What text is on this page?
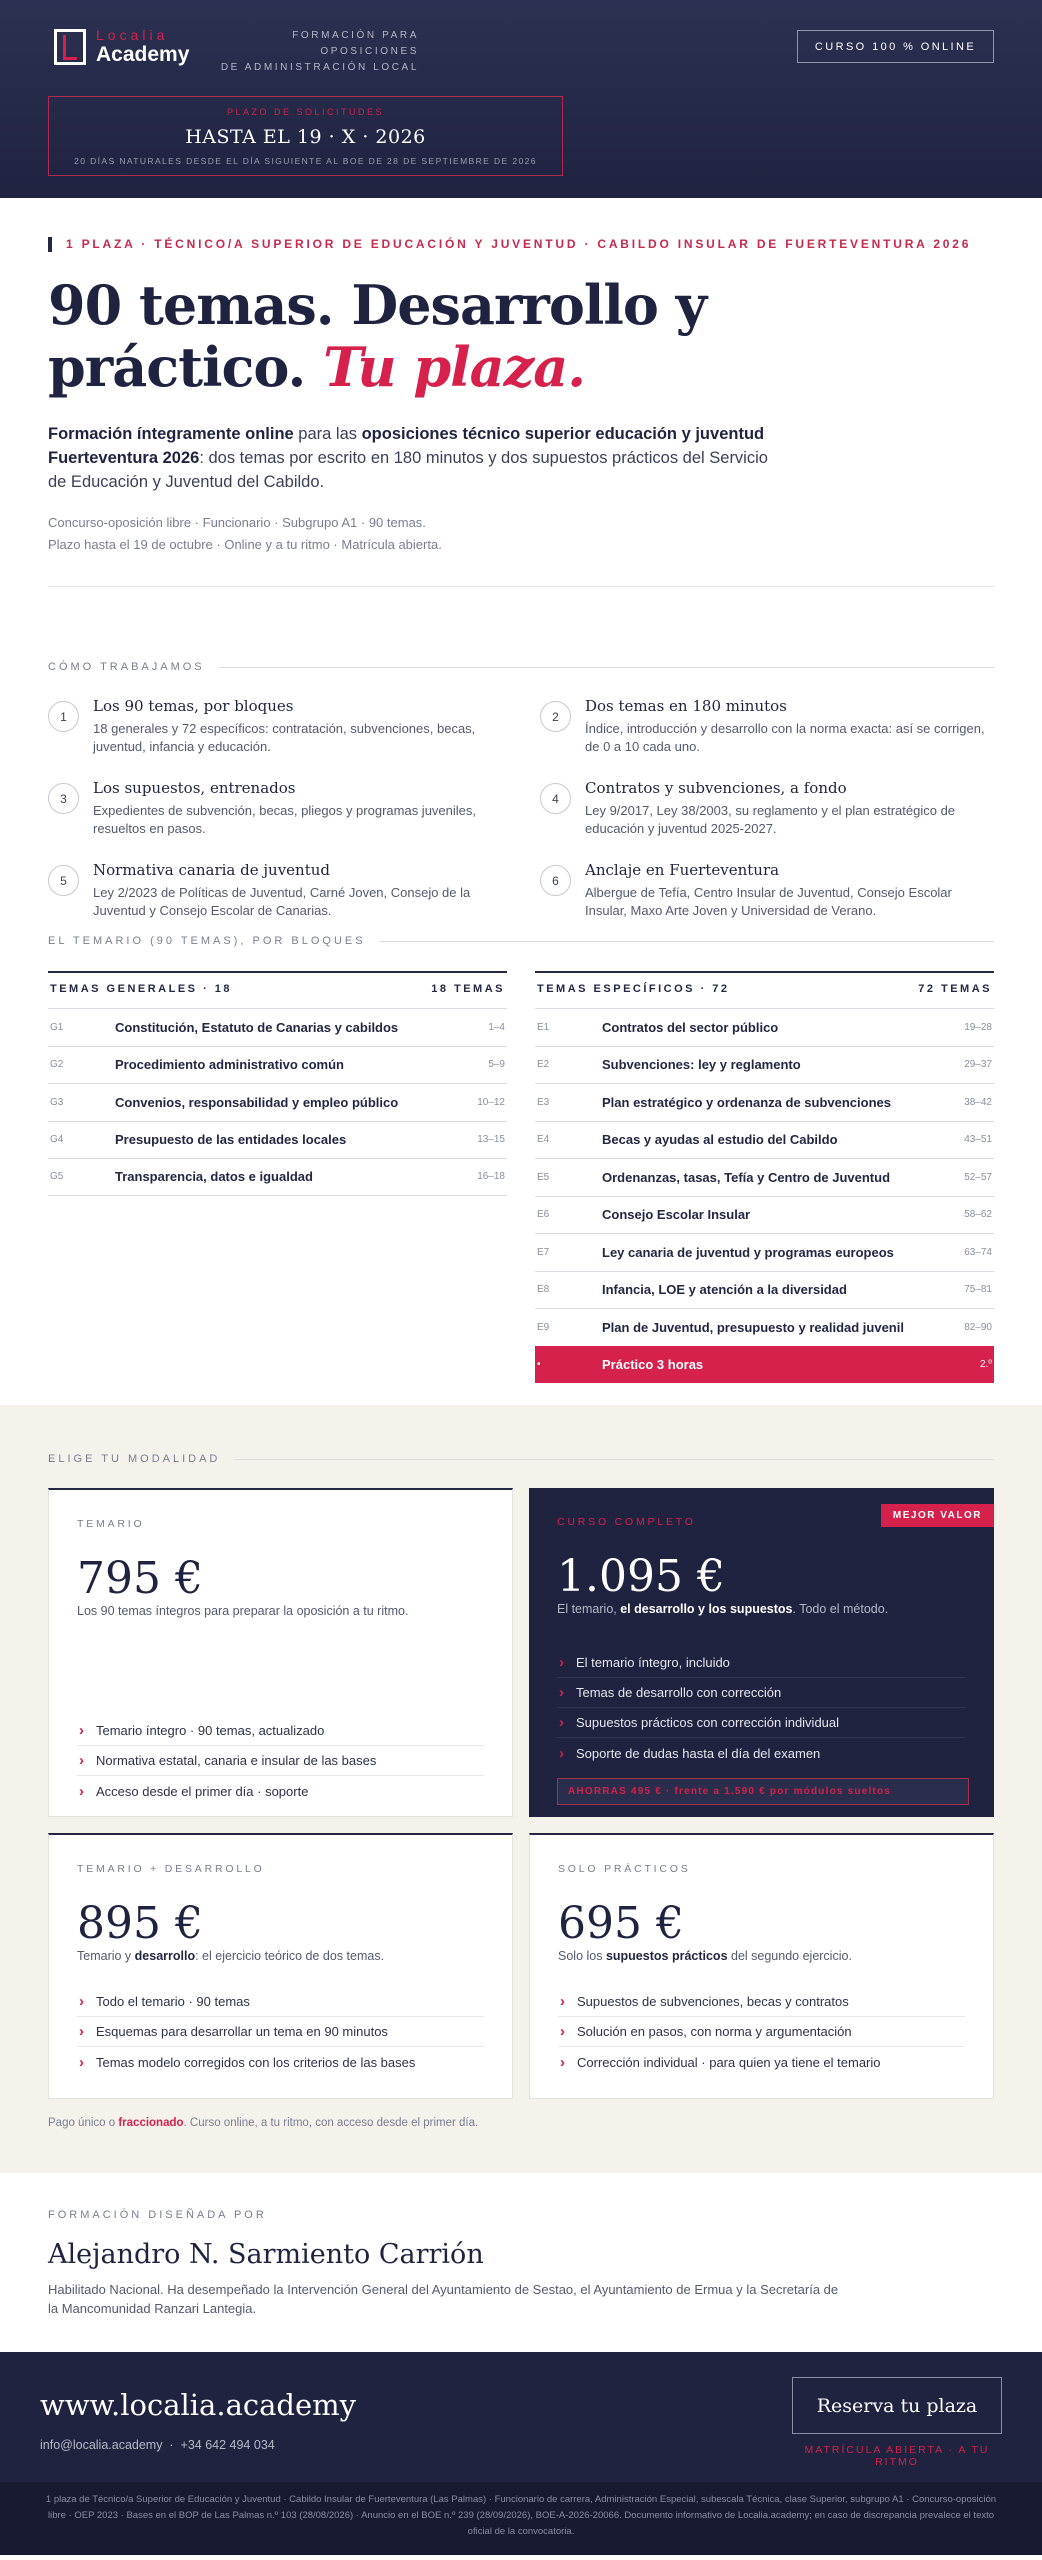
Localia
Academy
FORMACIÓN PARA OPOSICIONES
DE ADMINISTRACIÓN LOCAL
CURSO 100 % ONLINE
PLAZO DE SOLICITUDES
HASTA EL 19 · X · 2026
20 DÍAS NATURALES DESDE EL DÍA SIGUIENTE AL BOE DE 28 DE SEPTIEMBRE DE 2026
1 PLAZA · TÉCNICO/A SUPERIOR DE EDUCACIÓN Y JUVENTUD · CABILDO INSULAR DE FUERTEVENTURA 2026
90 temas. Desarrollo y práctico. Tu plaza.

Formación íntegramente online para las oposiciones técnico superior educación y juventud Fuerteventura 2026: dos temas por escrito en 180 minutos y dos supuestos prácticos del Servicio de Educación y Juventud del Cabildo.

Concurso-oposición libre · Funcionario · Subgrupo A1 · 90 temas.
Plazo hasta el 19 de octubre · Online y a tu ritmo · Matrícula abierta.
CÓMO TRABAJAMOS
1
Los 90 temas, por bloques
18 generales y 72 específicos: contratación, subvenciones, becas, juventud, infancia y educación.
2
Dos temas en 180 minutos
Índice, introducción y desarrollo con la norma exacta: así se corrigen, de 0 a 10 cada uno.
3
Los supuestos, entrenados
Expedientes de subvención, becas, pliegos y programas juveniles, resueltos en pasos.
4
Contratos y subvenciones, a fondo
Ley 9/2017, Ley 38/2003, su reglamento y el plan estratégico de educación y juventud 2025-2027.
5
Normativa canaria de juventud
Ley 2/2023 de Políticas de Juventud, Carné Joven, Consejo de la Juventud y Consejo Escolar de Canarias.
6
Anclaje en Fuerteventura
Albergue de Tefía, Centro Insular de Juventud, Consejo Escolar Insular, Maxo Arte Joven y Universidad de Verano.
EL TEMARIO (90 TEMAS), POR BLOQUES
TEMAS GENERALES · 18	18 TEMAS
G1	Constitución, Estatuto de Canarias y cabildos	1–4
G2	Procedimiento administrativo común	5–9
G3	Convenios, responsabilidad y empleo público	10–12
G4	Presupuesto de las entidades locales	13–15
G5	Transparencia, datos e igualdad	16–18
TEMAS ESPECÍFICOS · 72	72 TEMAS
E1	Contratos del sector público	19–28
E2	Subvenciones: ley y reglamento	29–37
E3	Plan estratégico y ordenanza de subvenciones	38–42
E4	Becas y ayudas al estudio del Cabildo	43–51
E5	Ordenanzas, tasas, Tefía y Centro de Juventud	52–57
E6	Consejo Escolar Insular	58–62
E7	Ley canaria de juventud y programas europeos	63–74
E8	Infancia, LOE y atención a la diversidad	75–81
E9	Plan de Juventud, presupuesto y realidad juvenil	82–90
•	Práctico 3 horas	2.º
ELIGE TU MODALIDAD
TEMARIO
795 €
Los 90 temas íntegros para preparar la oposición a tu ritmo.
› Temario íntegro · 90 temas, actualizado
› Normativa estatal, canaria e insular de las bases
› Acceso desde el primer día · soporte
MEJOR VALOR
CURSO COMPLETO
1.095 €
El temario, el desarrollo y los supuestos. Todo el método.
› El temario íntegro, incluido
› Temas de desarrollo con corrección
› Supuestos prácticos con corrección individual
› Soporte de dudas hasta el día del examen
AHORRAS 495 € · frente a 1.590 € por módulos sueltos
TEMARIO + DESARROLLO
895 €
Temario y desarrollo: el ejercicio teórico de dos temas.
› Todo el temario · 90 temas
› Esquemas para desarrollar un tema en 90 minutos
› Temas modelo corregidos con los criterios de las bases
SOLO PRÁCTICOS
695 €
Solo los supuestos prácticos del segundo ejercicio.
› Supuestos de subvenciones, becas y contratos
› Solución en pasos, con norma y argumentación
› Corrección individual · para quien ya tiene el temario
Pago único o fraccionado. Curso online, a tu ritmo, con acceso desde el primer día.
FORMACIÓN DISEÑADA POR
Alejandro N. Sarmiento Carrión
Habilitado Nacional. Ha desempeñado la Intervención General del Ayuntamiento de Sestao, el Ayuntamiento de Ermua y la Secretaría de la Mancomunidad Ranzari Lantegia.
www.localia.academy
info@localia.academy  ·  +34 642 494 034
Reserva tu plaza
MATRÍCULA ABIERTA · A TU RITMO
1 plaza de Técnico/a Superior de Educación y Juventud · Cabildo Insular de Fuerteventura (Las Palmas) · Funcionario de carrera, Administración Especial, subescala Técnica, clase Superior, subgrupo A1 · Concurso-oposición libre · OEP 2023 · Bases en el BOP de Las Palmas n.º 103 (28/08/2026) · Anuncio en el BOE n.º 239 (28/09/2026), BOE-A-2026-20066. Documento informativo de Localia.academy; en caso de discrepancia prevalece el texto oficial de la convocatoria.
